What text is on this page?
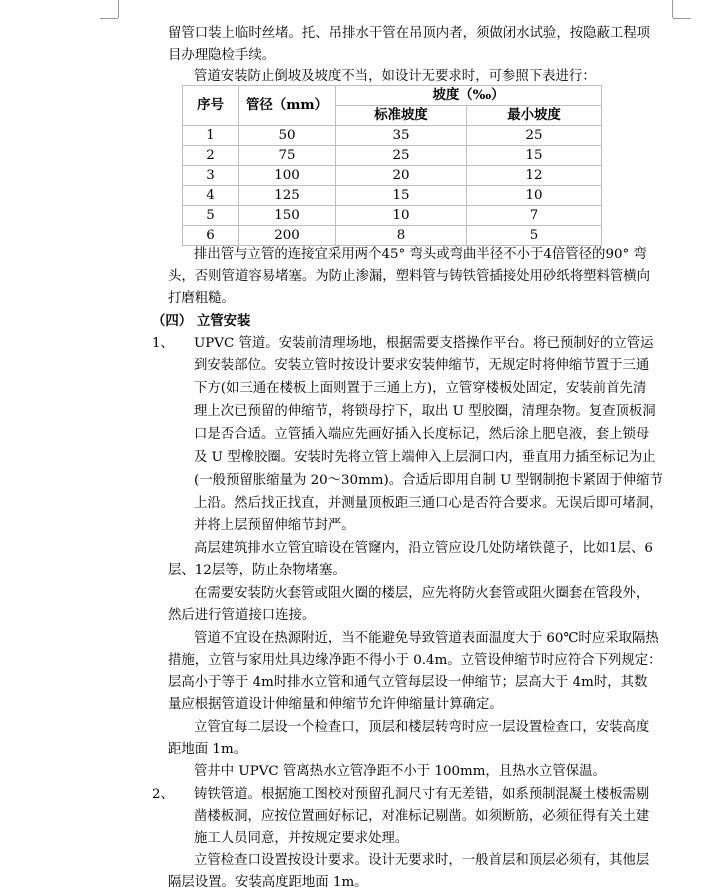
留管口装上临时丝堵。托、吊排水干管在吊顶内者，须做闭水试验，按隐蔽工程项
目办理隐检手续。
管道安装防止倒坡及坡度不当，如设计无要求时，可参照下表进行：
序号	管径（mm）	坡度（‰）	
		标准坡度	最小坡度
1	50	35	25
2	75	25	15
3	100	20	12
4	125	15	10
5	150	10	7
6	200	8	5
排出管与立管的连接宜采用两个45° 弯头或弯曲半径不小于4倍管径的90° 弯
头，否则管道容易堵塞。为防止渗漏，塑料管与铸铁管插接处用砂纸将塑料管横向
打磨粗糙。
（四） 立管安装
1、 UPVC 管道。安装前清理场地，根据需要支搭操作平台。将已预制好的立管运
到安装部位。安装立管时按设计要求安装伸缩节，无规定时将伸缩节置于三通
下方(如三通在楼板上面则置于三通上方)，立管穿楼板处固定，安装前首先清
理上次已预留的伸缩节，将锁母拧下，取出 U 型胶圈，清理杂物。复查顶板洞
口是否合适。立管插入端应先画好插入长度标记，然后涂上肥皂液，套上锁母
及 U 型橡胶圈。安装时先将立管上端伸入上层洞口内，垂直用力插至标记为止
(一般预留胀缩量为 20～30mm)。合适后即用自制 U 型钢制抱卡紧固于伸缩节
上沿。然后找正找直，并测量顶板距三通口心是否符合要求。无误后即可堵洞，
并将上层预留伸缩节封严。
高层建筑排水立管宜暗设在管窿内，沿立管应设几处防堵铁蓖子，比如1层、6
层、12层等，防止杂物堵塞。
在需要安装防火套管或阻火圈的楼层，应先将防火套管或阻火圈套在管段外，
然后进行管道接口连接。
管道不宜设在热源附近，当不能避免导致管道表面温度大于 60℃时应采取隔热
措施，立管与家用灶具边缘净距不得小于 0.4m。立管设伸缩节时应符合下列规定：
层高小于等于 4m时排水立管和通气立管每层设一伸缩节；层高大于 4m时，其数
量应根据管道设计伸缩量和伸缩节允许伸缩量计算确定。
立管宜每二层设一个检查口，顶层和楼层转弯时应一层设置检查口，安装高度
距地面 1m。
管井中 UPVC 管离热水立管净距不小于 100mm，且热水立管保温。
2、 铸铁管道。根据施工图校对预留孔洞尺寸有无差错，如系预制混凝土楼板需剔
凿楼板洞，应按位置画好标记，对准标记剔凿。如须断筋，必须征得有关土建
施工人员同意，并按规定要求处理。
立管检查口设置按设计要求。设计无要求时，一般首层和顶层必须有，其他层
隔层设置。安装高度距地面 1m。
